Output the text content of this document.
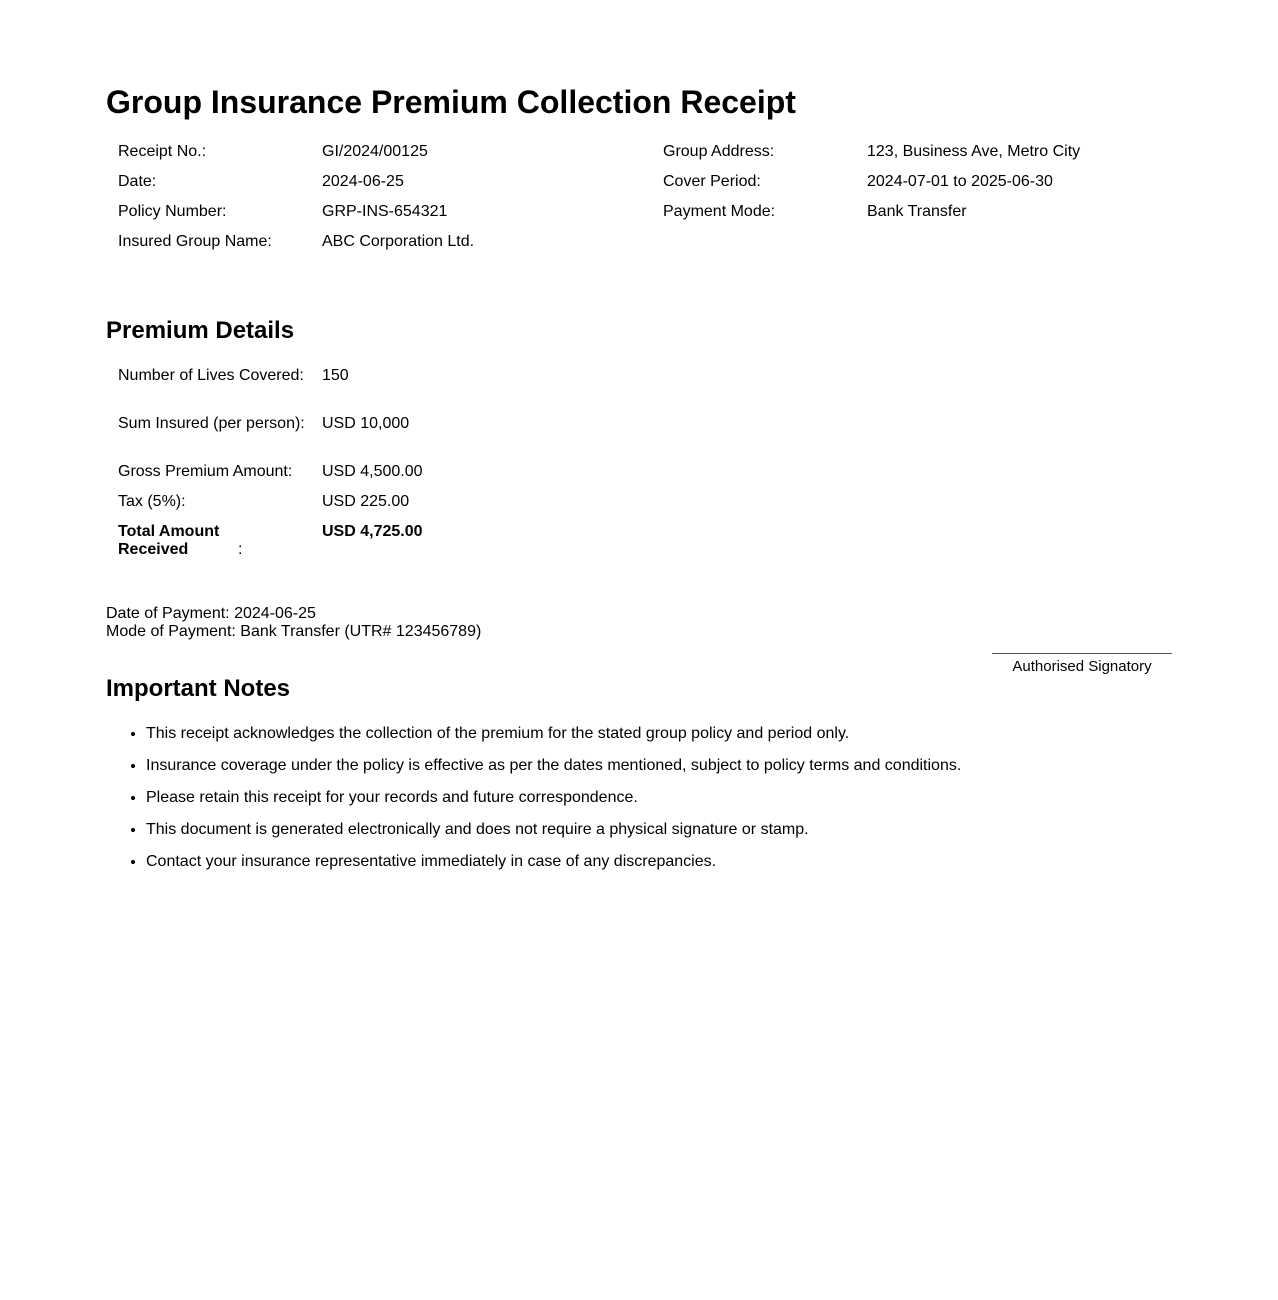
Group Insurance Premium Collection Receipt
Receipt No.:	GI/2024/00125
Date:	2024-06-25
Policy Number:	GRP-INS-654321
Insured Group Name:	ABC Corporation Ltd.
Group Address:	123, Business Ave, Metro City
Cover Period:	2024-07-01 to 2025-06-30
Payment Mode:	Bank Transfer
Premium Details
Number of Lives Covered: 150
Sum Insured (per person): USD 10,000
Gross Premium Amount:	USD 4,500.00
Tax (5%):	USD 225.00
Total Amount Received	:
USD 4,725.00
Date of Payment: 2024-06-25
Mode of Payment: Bank Transfer (UTR# 123456789)
Authorised Signatory
Important Notes
• This receipt acknowledges the collection of the premium for the stated group policy and period only.
• Insurance coverage under the policy is effective as per the dates mentioned, subject to policy terms and conditions.
• Please retain this receipt for your records and future correspondence.
• This document is generated electronically and does not require a physical signature or stamp.
• Contact your insurance representative immediately in case of any discrepancies.
